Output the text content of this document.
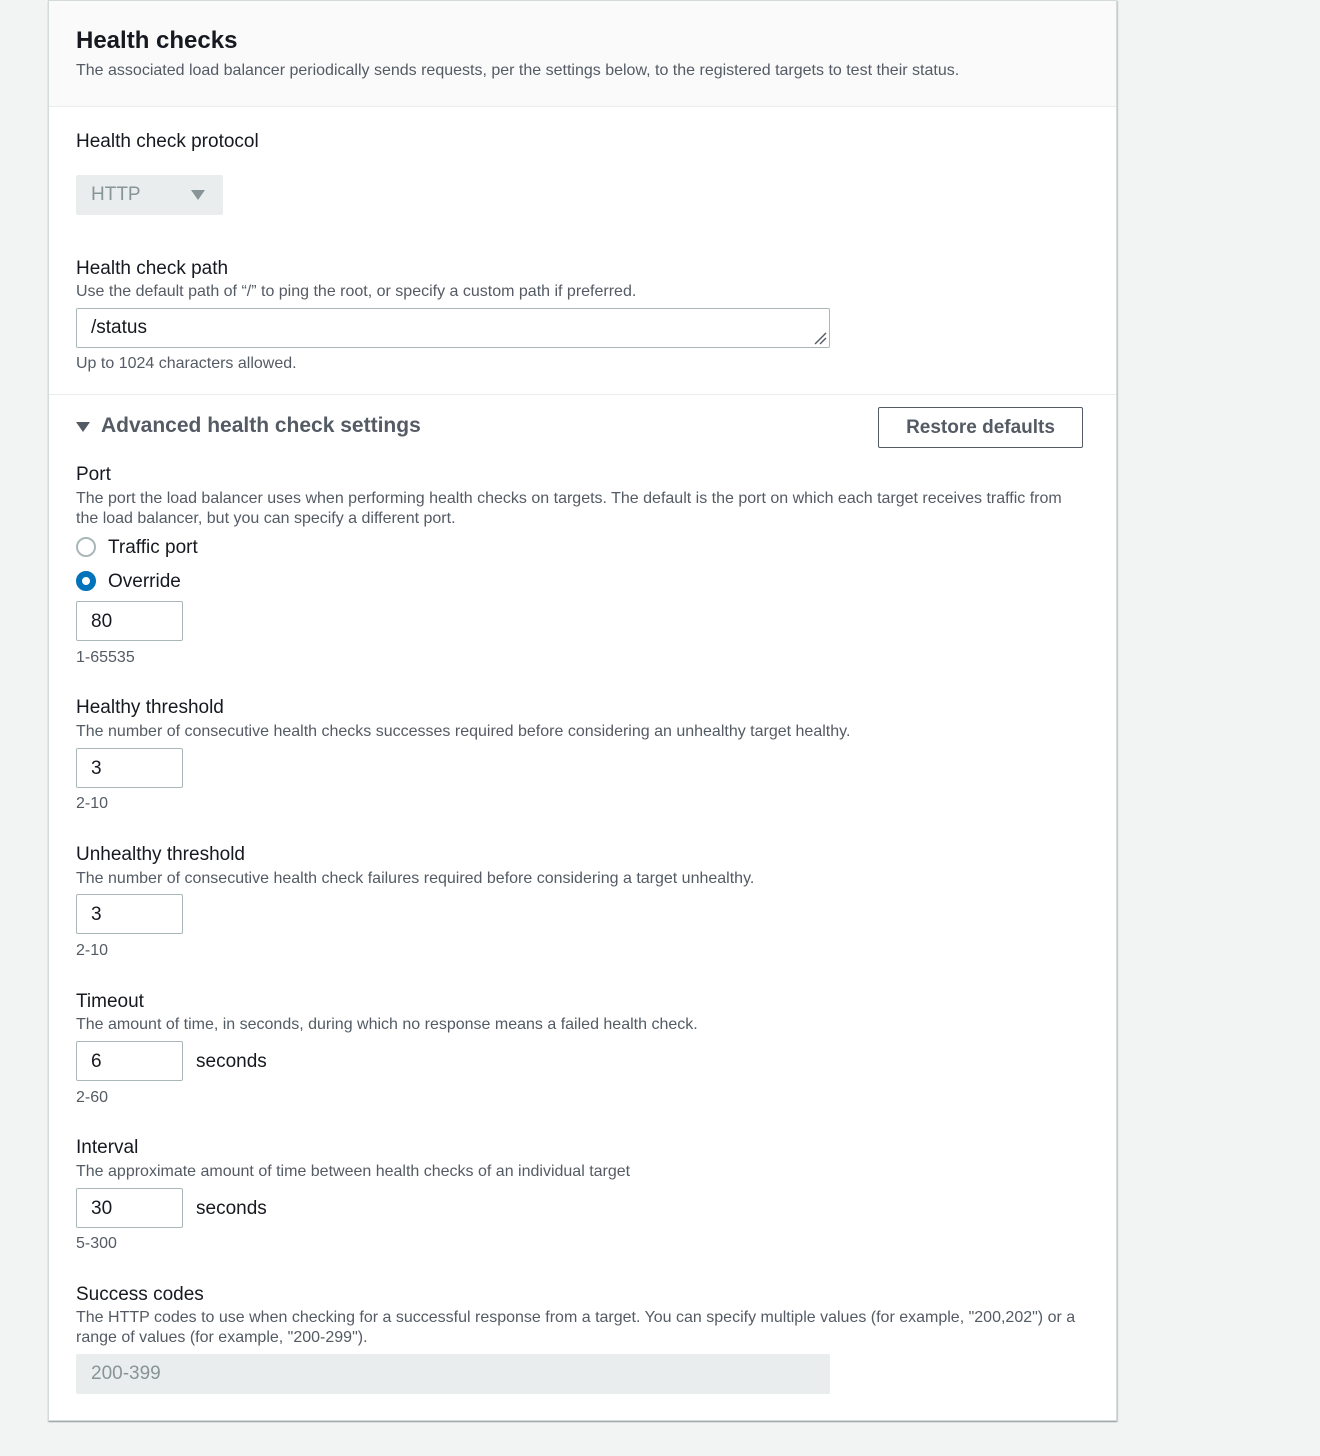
Health checks
The associated load balancer periodically sends requests, per the settings below, to the registered targets to test their status.
Health check protocol
HTTP
Health check path
Use the default path of “/” to ping the root, or specify a custom path if preferred.
/status
Up to 1024 characters allowed.
Advanced health check settings	Restore defaults
Port
The port the load balancer uses when performing health checks on targets. The default is the port on which each target receives traffic from the load balancer, but you can specify a different port.
Traffic port
Override
80
1-65535
Healthy threshold
The number of consecutive health checks successes required before considering an unhealthy target healthy.
3
2-10
Unhealthy threshold
The number of consecutive health check failures required before considering a target unhealthy.
3
2-10
Timeout
The amount of time, in seconds, during which no response means a failed health check.
6	seconds
2-60
Interval
The approximate amount of time between health checks of an individual target
30	seconds
5-300
Success codes
The HTTP codes to use when checking for a successful response from a target. You can specify multiple values (for example, "200,202") or a range of values (for example, "200-299").
200-399
